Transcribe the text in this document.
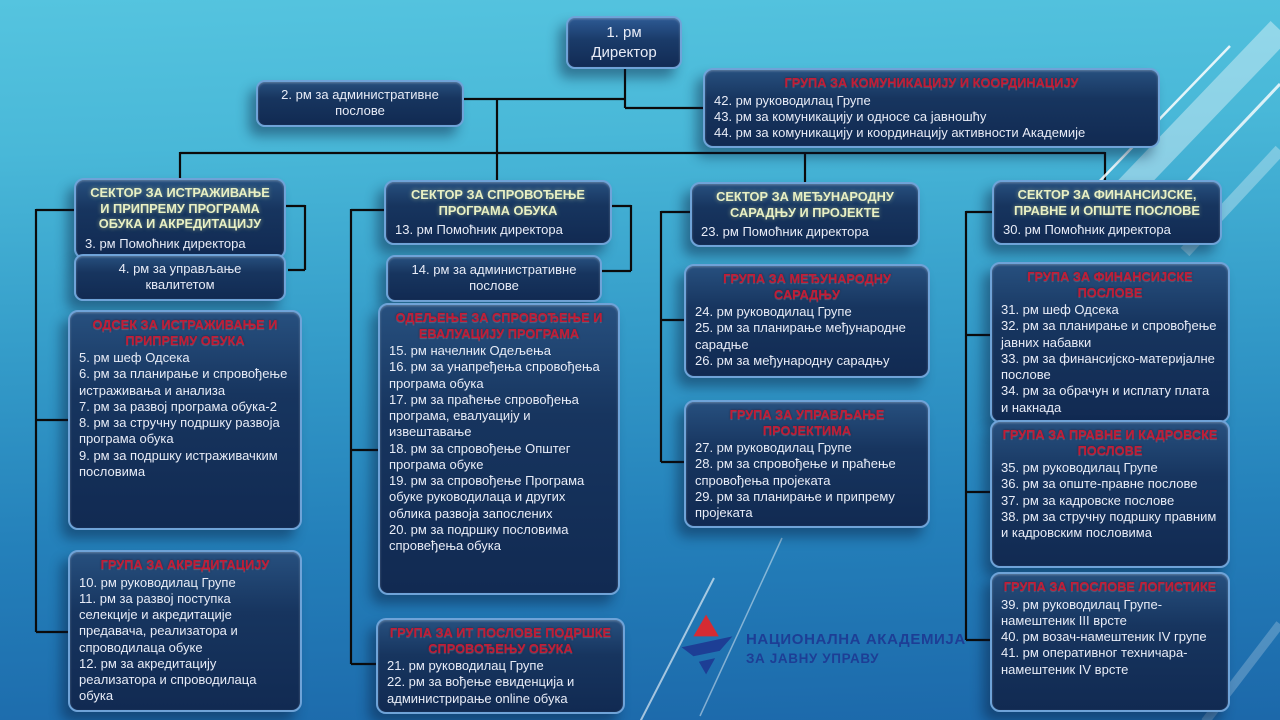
1. рм
Директор
2. рм за административне послове
ГРУПА ЗА КОМУНИКАЦИЈУ И КООРДИНАЦИЈУ
42. рм руководилац Групе
43. рм за комуникацију и односе са јавношћу
44. рм за комуникацију и координацију активности Академије
СЕКТОР ЗА ИСТРАЖИВАЊЕ И ПРИПРЕМУ ПРОГРАМА ОБУКА И АКРЕДИТАЦИЈУ
3. рм Помоћник директора
4. рм за управљање квалитетом
ОДСЕК ЗА ИСТРАЖИВАЊЕ И ПРИПРЕМУ ОБУКА
5. рм шеф Одсека
6. рм за планирање и спровођење истраживања и анализа
7. рм за развој програма обука-2
8. рм за стручну подршку развоја програма обука
9. рм за подршку истраживачким пословима
ГРУПА ЗА АКРЕДИТАЦИЈУ
10. рм руководилац Групе
11. рм за развој поступка селекције и акредитације предавача, реализатора и спроводилаца обуке
12. рм за акредитацију реализатора и спроводилаца обука
СЕКТОР ЗА СПРОВОЂЕЊЕ ПРОГРАМА ОБУКА
13. рм Помоћник директора
14. рм за административне послове
ОДЕЉЕЊЕ ЗА СПРОВОЂЕЊЕ И ЕВАЛУАЦИЈУ ПРОГРАМА
15. рм начелник Одељења
16. рм за унапређења спровођења програма обука
17. рм за праћење спровођења програма, евалуацију и извештавање
18. рм за спровођење Општег програма обуке
19. рм за спровођење Програма обуке руководилаца и других облика развоја запослених
20. рм за подршку пословима спровеђења обука
ГРУПА ЗА ИТ ПОСЛОВЕ ПОДРШКЕ СПРОВОЂЕЊУ ОБУКА
21. рм руководилац Групе
22. рм за вођење евиденција и администрирање online обука
СЕКТОР ЗА МЕЂУНАРОДНУ САРАДЊУ И ПРОЈЕКТЕ
23. рм Помоћник директора
ГРУПА ЗА МЕЂУНАРОДНУ САРАДЊУ
24. рм руководилац Групе
25. рм за планирање међународне сарадње
26. рм за међународну сарадњу
ГРУПА ЗА УПРАВЉАЊЕ ПРОЈЕКТИМА
27. рм руководилац Групе
28. рм за спровођење и праћење спровођења пројеката
29. рм за планирање и припрему пројеката
СЕКТОР ЗА ФИНАНСИЈСКЕ, ПРАВНЕ И ОПШТЕ ПОСЛОВЕ
30. рм Помоћник директора
ГРУПА ЗА ФИНАНСИЈСКЕ ПОСЛОВЕ
31. рм шеф Одсека
32. рм за планирање и спровођење јавних набавки
33. рм за финансијско-материјалне послове
34. рм за обрачун и исплату плата и накнада
ГРУПА ЗА ПРАВНЕ И КАДРОВСКЕ ПОСЛОВЕ
35. рм руководилац Групе
36. рм за опште-правне послове
37. рм за кадровске послове
38. рм за стручну подршку правним и кадровским пословима
ГРУПА ЗА ПОСЛОВЕ ЛОГИСТИКЕ
39. рм руководилац Групе-намештеник III врсте
40. рм возач-намештеник IV групе
41. рм оперативног техничара-намештеник IV врсте
НАЦИОНАЛНА АКАДЕМИЈА
ЗА ЈАВНУ УПРАВУ
